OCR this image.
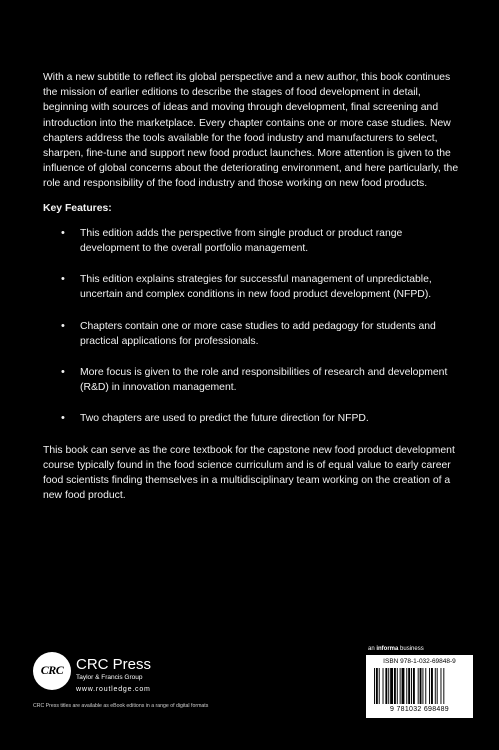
With a new subtitle to reflect its global perspective and a new author, this book continues the mission of earlier editions to describe the stages of food development in detail, beginning with sources of ideas and moving through development, final screening and introduction into the marketplace. Every chapter contains one or more case studies. New chapters address the tools available for the food industry and manufacturers to select, sharpen, fine-tune and support new food product launches. More attention is given to the influence of global concerns about the deteriorating environment, and here particularly, the role and responsibility of the food industry and those working on new food products.

Key Features:

• This edition adds the perspective from single product or product range development to the overall portfolio management.
• This edition explains strategies for successful management of unpredictable, uncertain and complex conditions in new food product development (NFPD).
• Chapters contain one or more case studies to add pedagogy for students and practical applications for professionals.
• More focus is given to the role and responsibilities of research and development (R&D) in innovation management.
• Two chapters are used to predict the future direction for NFPD.

This book can serve as the core textbook for the capstone new food product development course typically found in the food science curriculum and is of equal value to early career food scientists finding themselves in a multidisciplinary team working on the creation of a new food product.

CRC CRC Press
Taylor & Francis Group
www.routledge.com
CRC Press titles are available as eBook editions in a range of digital formats
an informa business
ISBN 978-1-032-69848-9
9 781032 698489
